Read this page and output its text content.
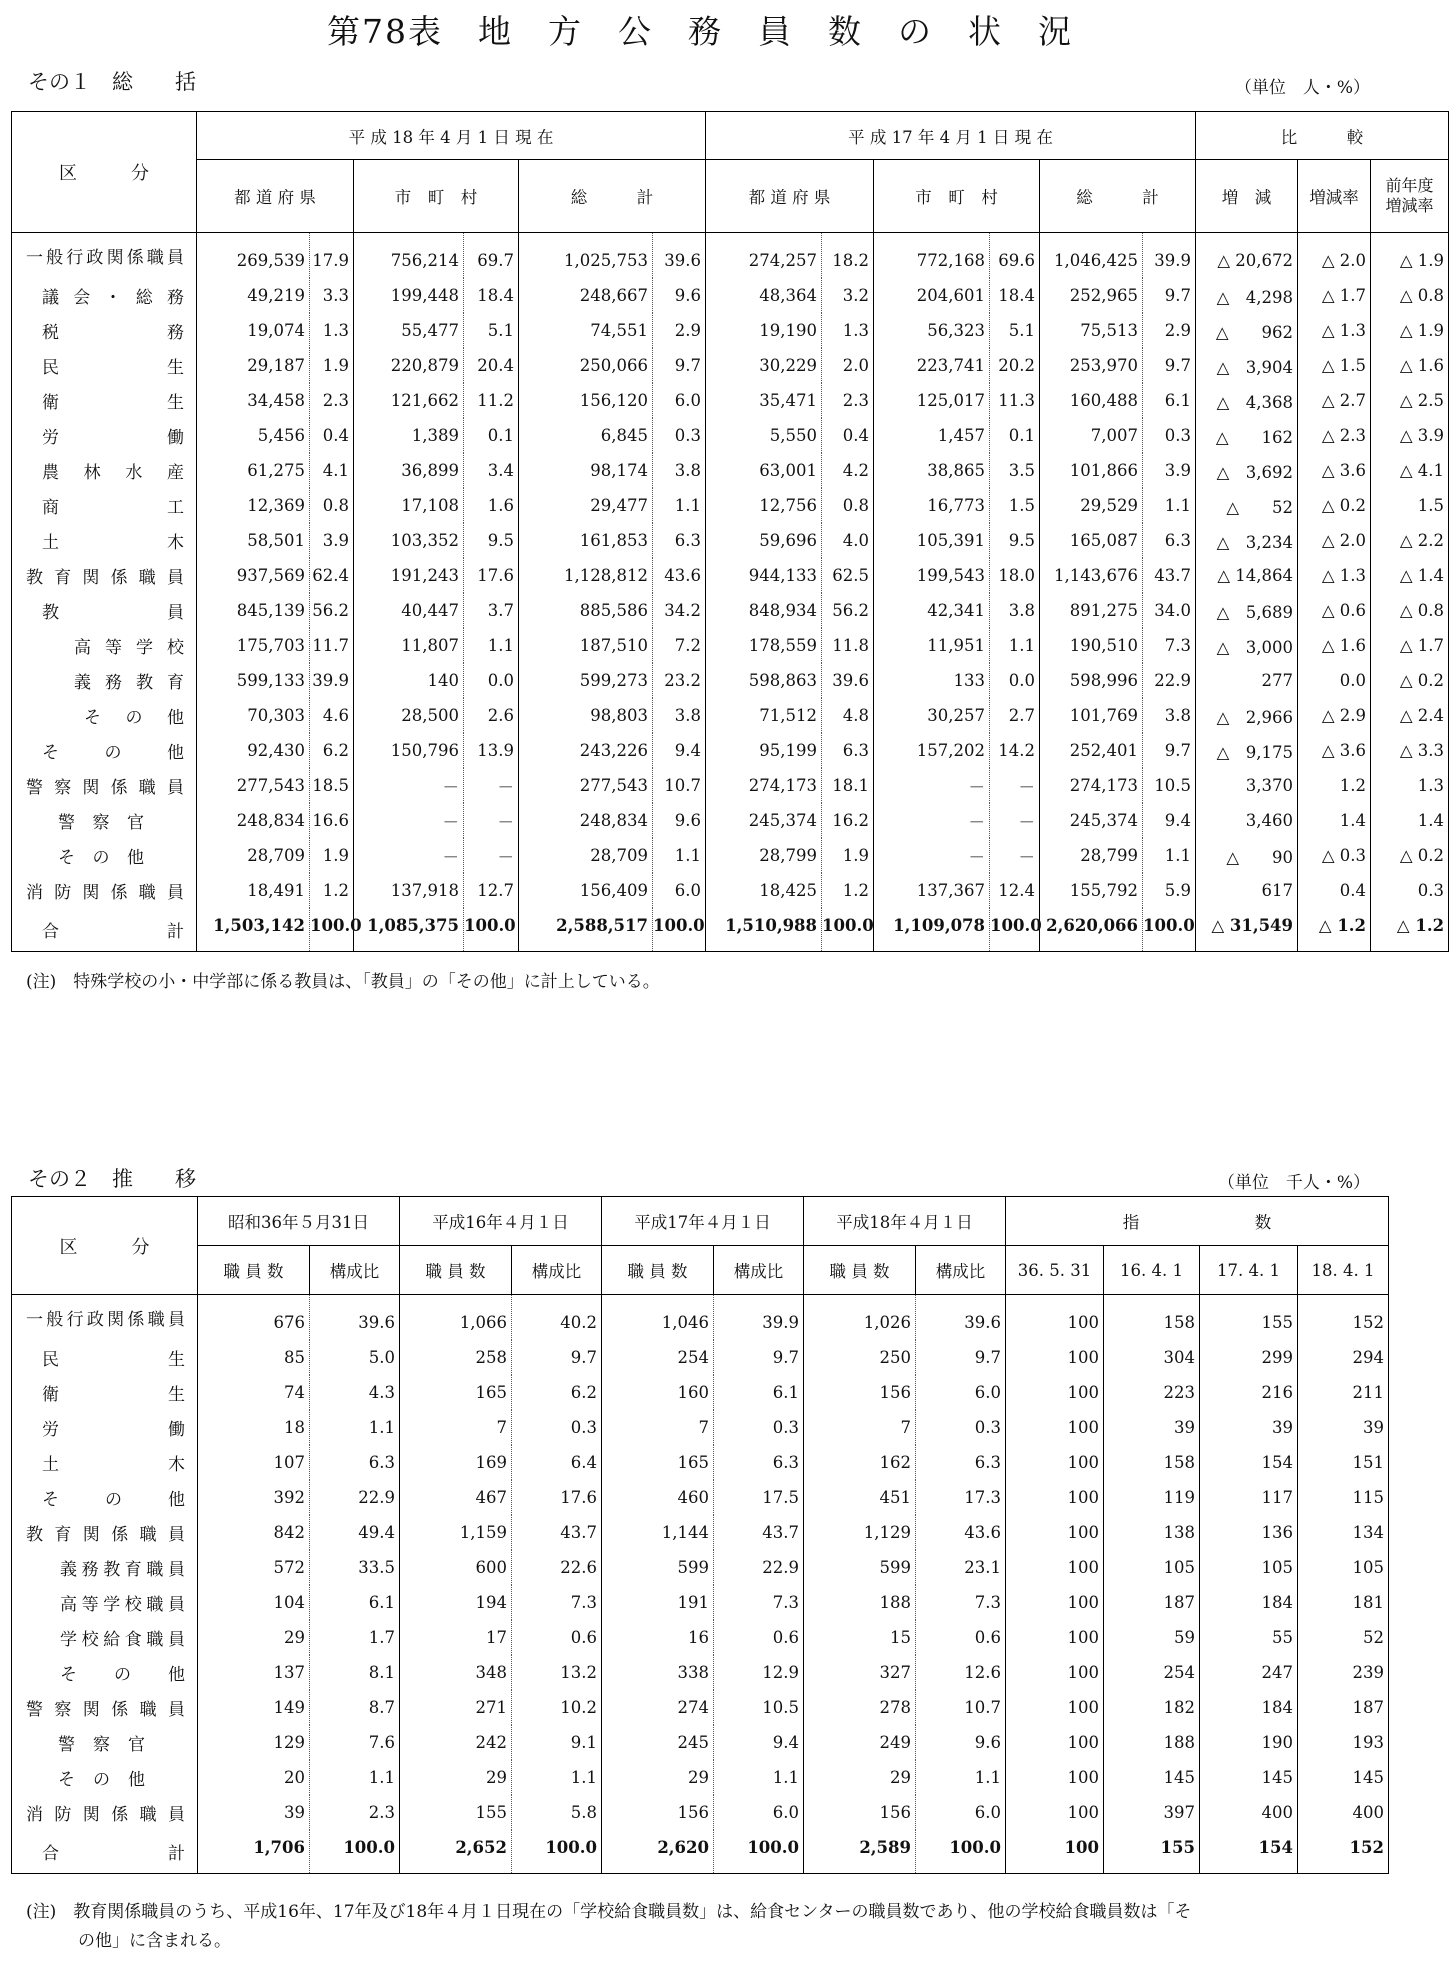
第78表　地　方　公　務　員　数　の　状　況
その１　総　　括	（単位　人・%）
区　　　分	平 成 18 年 4 月 1 日 現 在						平 成 17 年 4 月 1 日 現 在						比　　　較		
	都 道 府 県		市　町　村		総　　　計		都 道 府 県		市　町　村		総　　　計		増　減	増減率	前年度
増減率

一般行政関係職員	269,539	17.9	756,214	69.7	1,025,753	39.6	274,257	18.2	772,168	69.6	1,046,425	39.9	△ 20,672	△ 2.0	△ 1.9
議会・総務	49,219	3.3	199,448	18.4	248,667	9.6	48,364	3.2	204,601	18.4	252,965	9.7	△　4,298	△ 1.7	△ 0.8
税　　務	19,074	1.3	55,477	5.1	74,551	2.9	19,190	1.3	56,323	5.1	75,513	2.9	△　　962	△ 1.3	△ 1.9
民　　生	29,187	1.9	220,879	20.4	250,066	9.7	30,229	2.0	223,741	20.2	253,970	9.7	△　3,904	△ 1.5	△ 1.6
衛　　生	34,458	2.3	121,662	11.2	156,120	6.0	35,471	2.3	125,017	11.3	160,488	6.1	△　4,368	△ 2.7	△ 2.5
労　　働	5,456	0.4	1,389	0.1	6,845	0.3	5,550	0.4	1,457	0.1	7,007	0.3	△　　162	△ 2.3	△ 3.9
農林水産	61,275	4.1	36,899	3.4	98,174	3.8	63,001	4.2	38,865	3.5	101,866	3.9	△　3,692	△ 3.6	△ 4.1
商　　工	12,369	0.8	17,108	1.6	29,477	1.1	12,756	0.8	16,773	1.5	29,529	1.1	△　　52	△ 0.2	1.5
土　　木	58,501	3.9	103,352	9.5	161,853	6.3	59,696	4.0	105,391	9.5	165,087	6.3	△　3,234	△ 2.0	△ 2.2
教育関係職員	937,569	62.4	191,243	17.6	1,128,812	43.6	944,133	62.5	199,543	18.0	1,143,676	43.7	△ 14,864	△ 1.3	△ 1.4
教　　員	845,139	56.2	40,447	3.7	885,586	34.2	848,934	56.2	42,341	3.8	891,275	34.0	△　5,689	△ 0.6	△ 0.8
高等学校	175,703	11.7	11,807	1.1	187,510	7.2	178,559	11.8	11,951	1.1	190,510	7.3	△　3,000	△ 1.6	△ 1.7
義務教育	599,133	39.9	140	0.0	599,273	23.2	598,863	39.6	133	0.0	598,996	22.9	277	0.0	△ 0.2
その他	70,303	4.6	28,500	2.6	98,803	3.8	71,512	4.8	30,257	2.7	101,769	3.8	△　2,966	△ 2.9	△ 2.4
その他	92,430	6.2	150,796	13.9	243,226	9.4	95,199	6.3	157,202	14.2	252,401	9.7	△　9,175	△ 3.6	△ 3.3
警察関係職員	277,543	18.5	－	－	277,543	10.7	274,173	18.1	－	－	274,173	10.5	3,370	1.2	1.3
警察官	248,834	16.6	－	－	248,834	9.6	245,374	16.2	－	－	245,374	9.4	3,460	1.4	1.4
その他	28,709	1.9	－	－	28,709	1.1	28,799	1.9	－	－	28,799	1.1	△　　90	△ 0.3	△ 0.2
消防関係職員	18,491	1.2	137,918	12.7	156,409	6.0	18,425	1.2	137,367	12.4	155,792	5.9	617	0.4	0.3
合　　計	1,503,142	100.0	1,085,375	100.0	2,588,517	100.0	1,510,988	100.0	1,109,078	100.0	2,620,066	100.0	△ 31,549	△ 1.2	△ 1.2
(注)　特殊学校の小・中学部に係る教員は、「教員」の「その他」に計上している。
その２　推　　移	（単位　千人・%）
区　　　分	昭和36年５月31日		平成16年４月１日		平成17年４月１日		平成18年４月１日		指　　　　　　　数			
	職 員 数	構成比	職 員 数	構成比	職 員 数	構成比	職 員 数	構成比	36. 5. 31	16. 4. 1	17. 4. 1	18. 4. 1
一般行政関係職員	676	39.6	1,066	40.2	1,046	39.9	1,026	39.6	100	158	155	152
民　　生	85	5.0	258	9.7	254	9.7	250	9.7	100	304	299	294
衛　　生	74	4.3	165	6.2	160	6.1	156	6.0	100	223	216	211
労　　働	18	1.1	7	0.3	7	0.3	7	0.3	100	39	39	39
土　　木	107	6.3	169	6.4	165	6.3	162	6.3	100	158	154	151
その他	392	22.9	467	17.6	460	17.5	451	17.3	100	119	117	115
教育関係職員	842	49.4	1,159	43.7	1,144	43.7	1,129	43.6	100	138	136	134
義務教育職員	572	33.5	600	22.6	599	22.9	599	23.1	100	105	105	105
高等学校職員	104	6.1	194	7.3	191	7.3	188	7.3	100	187	184	181
学校給食職員	29	1.7	17	0.6	16	0.6	15	0.6	100	59	55	52
その他	137	8.1	348	13.2	338	12.9	327	12.6	100	254	247	239
警察関係職員	149	8.7	271	10.2	274	10.5	278	10.7	100	182	184	187
警察官	129	7.6	242	9.1	245	9.4	249	9.6	100	188	190	193
その他	20	1.1	29	1.1	29	1.1	29	1.1	100	145	145	145
消防関係職員	39	2.3	155	5.8	156	6.0	156	6.0	100	397	400	400
合　　計	1,706	100.0	2,652	100.0	2,620	100.0	2,589	100.0	100	155	154	152
(注)　教育関係職員のうち、平成16年、17年及び18年４月１日現在の「学校給食職員数」は、給食センターの職員数であり、他の学校給食職員数は「そ
の他」に含まれる。
